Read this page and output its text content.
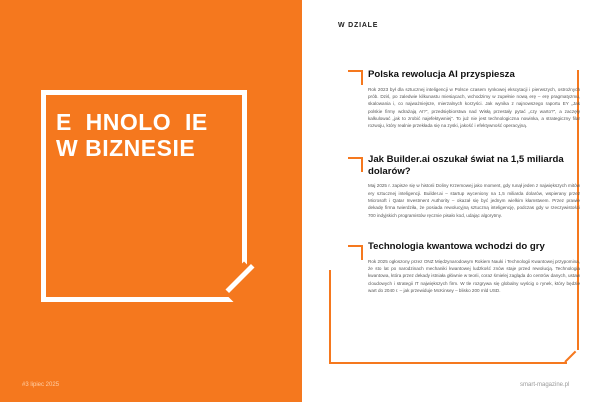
E  HNOLO  IE
W BIZNESIE
#3 lipiec 2025
W DZIALE
Polska rewolucja AI przyspiesza

Rok 2023 był dla sztucznej inteligencji w Polsce czasem rynkowej ekscytacji i pierwszych, ostrożnych prób. Dziś, po zaledwie kilkunastu miesiącach, wchodzimy w zupełnie nową erę – erę pragmatyzmu, skalowania i, co najważniejsze, mierzalnych korzyści. Jak wynika z najnowszego raportu EY „Jak polskie firmy wdrażają AI?”, przedsiębiorstwa nad Wisłą przestały pytać „czy warto?”, a zaczęły kalkulować „jak to zrobić najefektywniej”. To już nie jest technologiczna nowinka, a strategiczny filar rozwoju, który realnie przekłada się na zyski, jakość i efektywność operacyjną.

Jak Builder.ai oszukał świat na 1,5 miliarda dolarów?

Maj 2025 r. zapisze się w historii Doliny Krzemowej jako moment, gdy runął jeden z największych mitów ery sztucznej inteligencji. Builder.ai – startup wyceniony na 1,5 miliarda dolarów, wspierany przez Microsoft i Qatar Investment Authority – okazał się być jednym wielkim kłamstwem. Przez prawie dekadę firma twierdziła, że posiada rewolucyjną sztuczną inteligencję, podczas gdy w rzeczywistości 700 indyjskich programistów ręcznie pisało kod, udając algorytmy.

Technologia kwantowa wchodzi do gry

Rok 2025 ogłoszony przez ONZ Międzynarodowym Rokiem Nauki i Technologii Kwantowej przypomina, że sto lat po narodzinach mechaniki kwantowej ludzkość znów staje przed rewolucją. Technologia kwantowa, która przez dekady istniała głównie w teorii, coraz śmielej zagląda do centrów danych, ustaw cloudowych i strategii IT największych firm. W tle rozgrywa się globalny wyścig o rynek, który będzie wart do 2040 r. – jak przewiduje McKinsey – blisko 200 mld USD.

smart-magazine.pl
